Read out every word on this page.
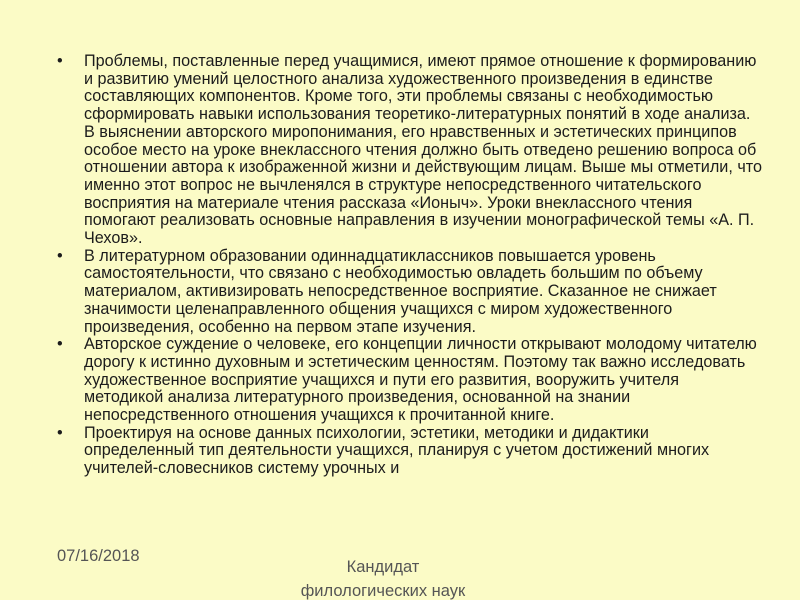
• Проблемы, поставленные перед учащимися, имеют прямое отношение к формированию и развитию умений целостного анализа художественного произведения в единстве составляющих компонентов. Кроме того, эти проблемы связаны с необходимостью сформировать навыки использования теоретико-литературных понятий в ходе анализа. В выяснении авторского миропонимания, его нравственных и эстетических принципов особое место на уроке внеклассного чтения должно быть отведено решению вопроса об отношении автора к изображенной жизни и действующим лицам. Выше мы отметили, что именно этот вопрос не вычленялся в структуре непосредственного читательского восприятия на материале чтения рассказа «Ионыч». Уроки внеклассного чтения помогают реализовать основные направления в изучении монографической темы «А. П. Чехов».
• В литературном образовании одиннадцатиклассников повышается уровень самостоятельности, что связано с необходимостью овладеть большим по объему материалом, активизировать непосредственное восприятие. Сказанное не снижает значимости целенаправленного общения учащихся с миром художественного произведения, особенно на первом этапе изучения.
• Авторское суждение о человеке, его концепции личности открывают молодому читателю дорогу к истинно духовным и эстетическим ценностям. Поэтому так важно исследовать художественное восприятие учащихся и пути его развития, вооружить учителя методикой анализа литературного произведения, основанной на знании непосредственного отношения учащихся к прочитанной книге.
• Проектируя на основе данных психологии, эстетики, методики и дидактики определенный тип деятельности учащихся, планируя с учетом достижений многих учителей-словесников систему урочных и
07/16/2018
Кандидат
филологических наук
